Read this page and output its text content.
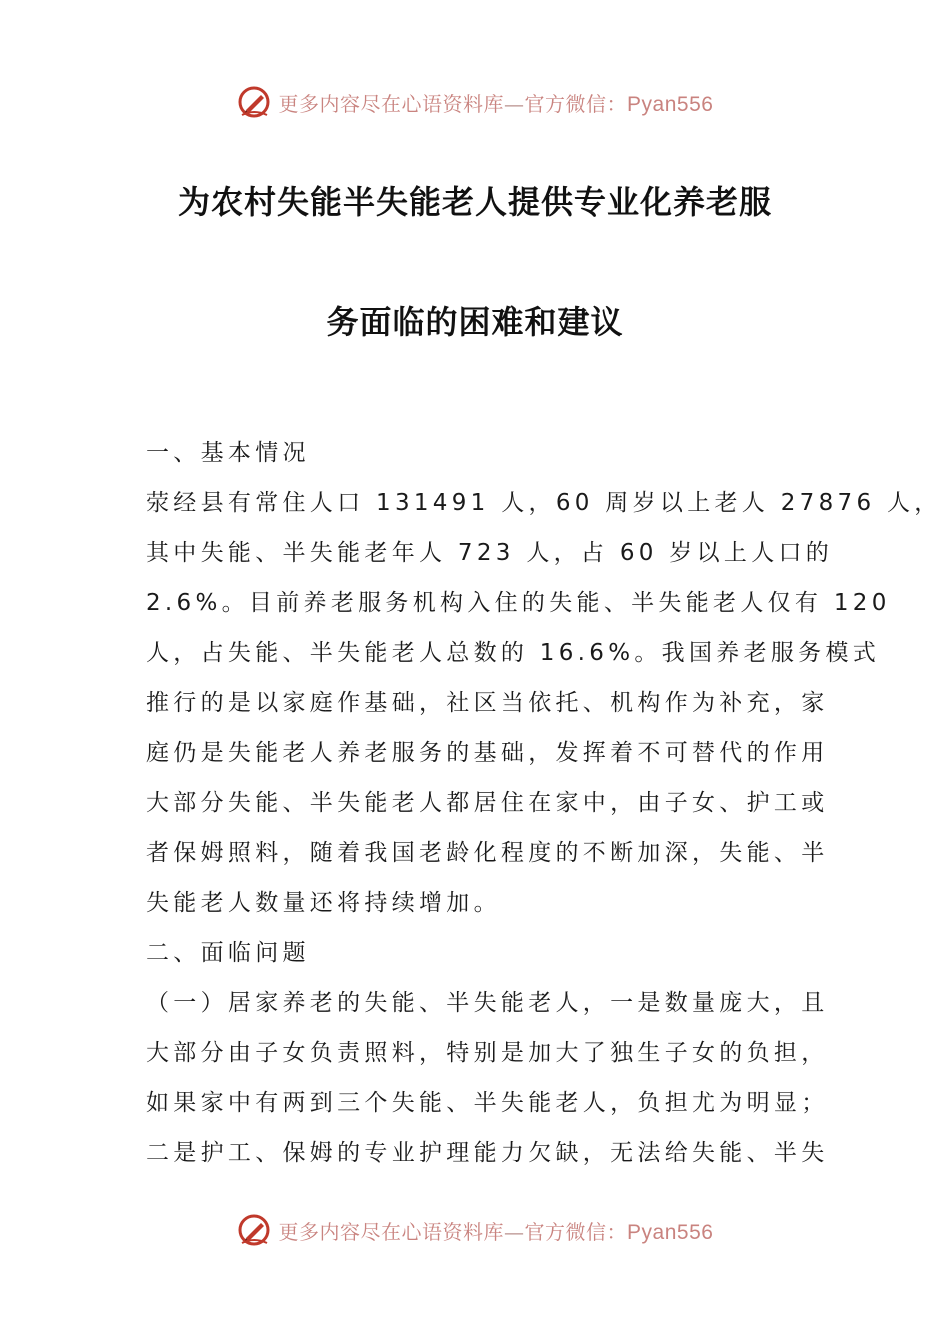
更多内容尽在心语资料库—官方微信：Pyan556
为农村失能半失能老人提供专业化养老服
务面临的困难和建议

一、基本情况

荥经县有常住人口 131491 人，60 周岁以上老人 27876 人，

其中失能、半失能老年人 723 人，占 60 岁以上人口的

2.6%。目前养老服务机构入住的失能、半失能老人仅有 120

人，占失能、半失能老人总数的 16.6%。我国养老服务模式

推行的是以家庭作基础，社区当依托、机构作为补充，家

庭仍是失能老人养老服务的基础，发挥着不可替代的作用

大部分失能、半失能老人都居住在家中，由子女、护工或

者保姆照料，随着我国老龄化程度的不断加深，失能、半

失能老人数量还将持续增加。

二、面临问题

（一）居家养老的失能、半失能老人，一是数量庞大，且

大部分由子女负责照料，特别是加大了独生子女的负担，

如果家中有两到三个失能、半失能老人，负担尤为明显；

二是护工、保姆的专业护理能力欠缺，无法给失能、半失

更多内容尽在心语资料库—官方微信：Pyan556
